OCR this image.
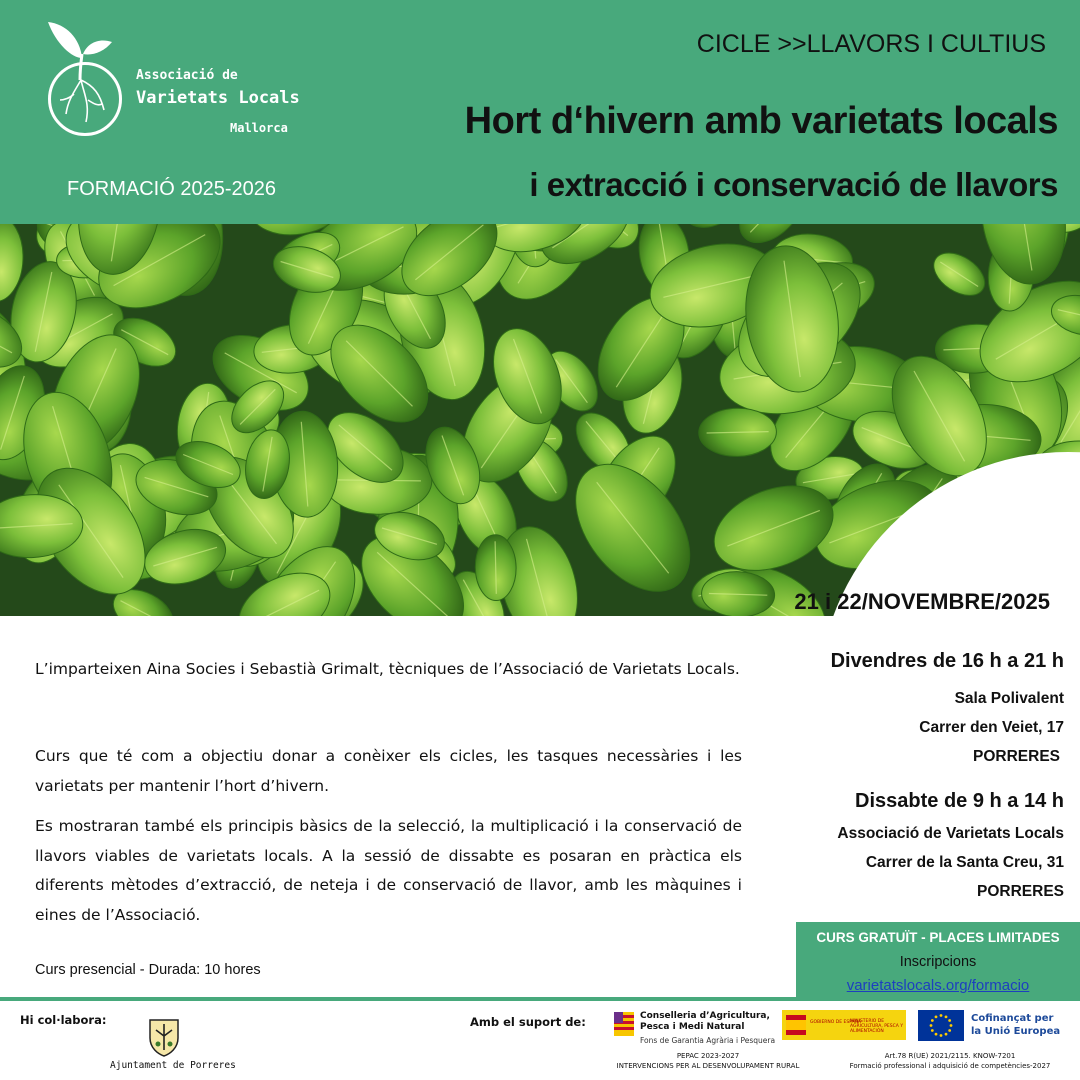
Associació de
Varietats Locals
Mallorca
FORMACIÓ 2025-2026
CICLE >>LLAVORS I CULTIUS
Hort d‘hivern amb varietats locals
i extracció i conservació de llavors
21 i 22/NOVEMBRE/2025
L’imparteixen Aina Socies i Sebastià Grimalt, tècniques de l’Associació de Varietats Locals.
Curs que té com a objectiu donar a conèixer els cicles, les tasques necessàries i les varietats per mantenir l’hort d’hivern.
Es mostraran també els principis bàsics de la selecció, la multiplicació i la conservació de llavors viables de varietats locals. A la sessió de dissabte es posaran en pràctica els diferents mètodes d’extracció, de neteja i de conservació de llavor, amb les màquines i eines de l’Associació.
Curs presencial - Durada: 10 hores
Divendres de 16 h a 21 h
Sala Polivalent
Carrer den Veiet, 17
PORRERES
Dissabte de 9 h a 14 h
Associació de Varietats Locals
Carrer de la Santa Creu, 31
PORRERES
CURS GRATUÏT - PLACES LIMITADES
Inscripcions
varietatslocals.org/formacio
Hi col·labora:
Ajuntament de Porreres
Amb el suport de:	Conselleria d’Agricultura,
Pesca i Medi Natural
Fons de Garantia Agrària i Pesquera
GOBIERNO DE ESPAÑA
MINISTERIO DE AGRICULTURA, PESCA Y ALIMENTACIÓN
Cofinançat per
la Unió Europea
PEPAC 2023-2027
INTERVENCIONS PER AL DESENVOLUPAMENT RURAL
Art.78 R(UE) 2021/2115. KNOW-7201
Formació professional i adquisició de competències-2027
